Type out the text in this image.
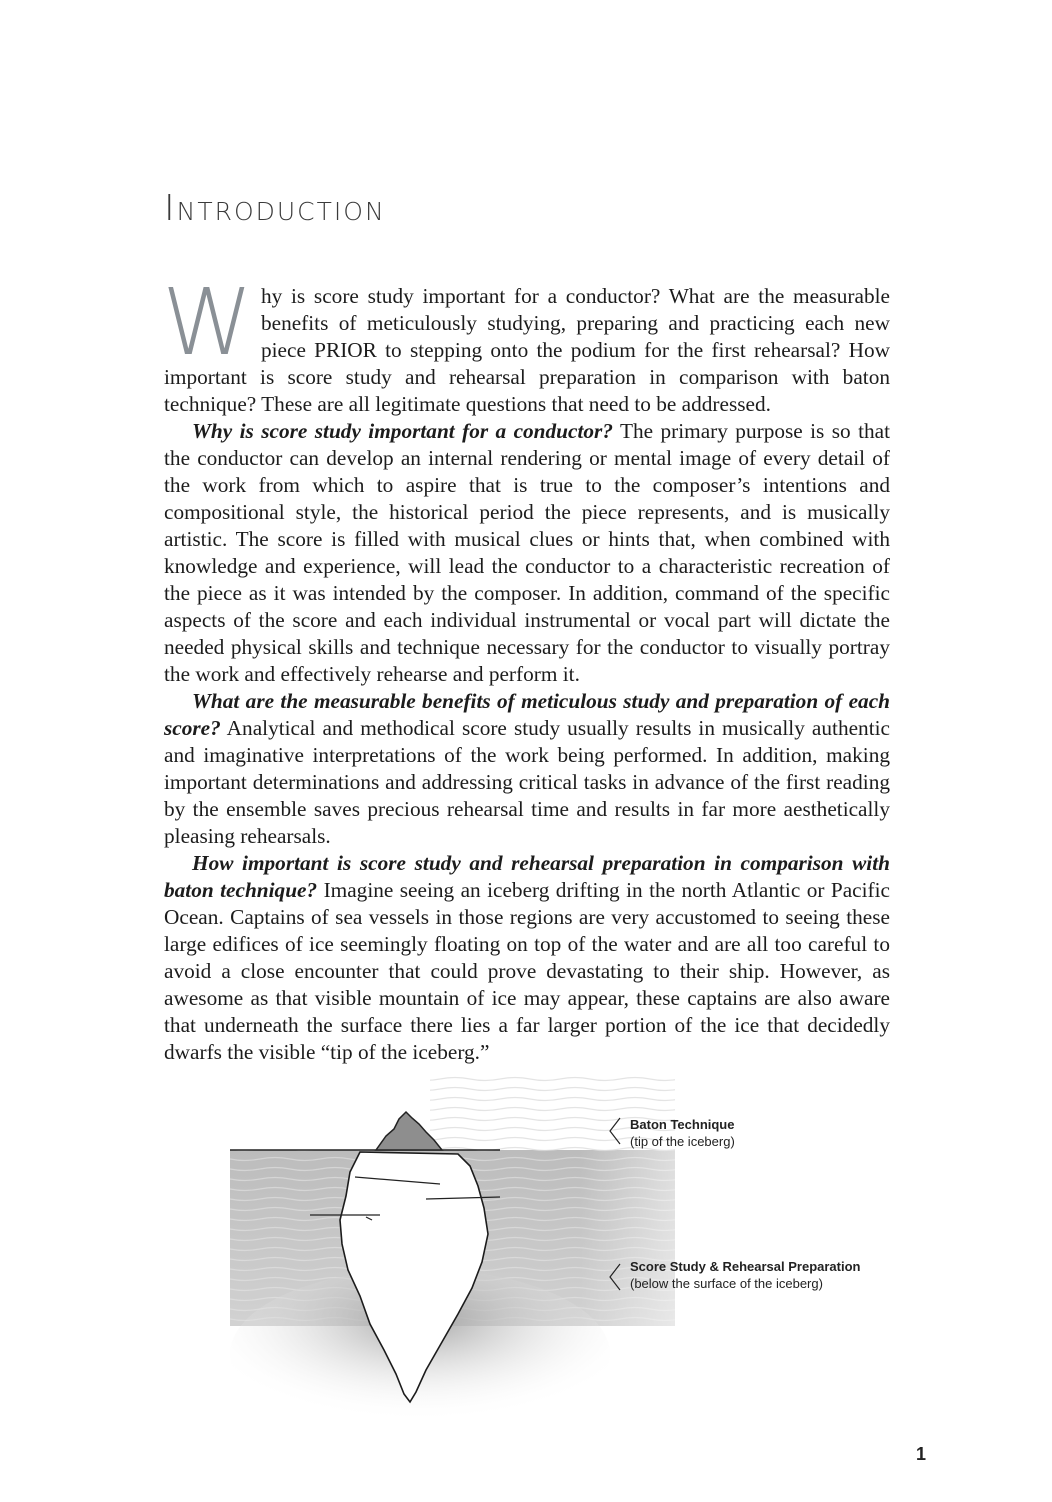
Introduction

Why is score study important for a conductor? What are the measurable benefits of meticulously studying, preparing and practicing each new piece PRIOR to stepping onto the podium for the first rehearsal? How important is score study and rehearsal preparation in comparison with baton technique? These are all legitimate questions that need to be addressed.

Why is score study important for a conductor? The primary purpose is so that the conductor can develop an internal rendering or mental image of every detail of the work from which to aspire that is true to the composer’s intentions and compositional style, the historical period the piece represents, and is musically artistic. The score is filled with musical clues or hints that, when combined with knowledge and experience, will lead the conductor to a characteristic recreation of the piece as it was intended by the composer. In addition, command of the specific aspects of the score and each individual instrumental or vocal part will dictate the needed physical skills and technique necessary for the conductor to visually portray the work and effectively rehearse and perform it.

What are the measurable benefits of meticulous study and preparation of each score? Analytical and methodical score study usually results in musically authentic and imaginative interpretations of the work being performed. In addition, making important determinations and addressing critical tasks in advance of the first reading by the ensemble saves precious rehearsal time and results in far more aesthetically pleasing rehearsals.

How important is score study and rehearsal preparation in comparison with baton technique? Imagine seeing an iceberg drifting in the north Atlantic or Pacific Ocean. Captains of sea vessels in those regions are very accustomed to seeing these large edifices of ice seemingly floating on top of the water and are all too careful to avoid a close encounter that could prove devastating to their ship. However, as awesome as that visible mountain of ice may appear, these captains are also aware that underneath the surface there lies a far larger portion of the ice that decidedly dwarfs the visible “tip of the iceberg.”

Baton Technique
(tip of the iceberg)
Score Study & Rehearsal Preparation
(below the surface of the iceberg)
1
